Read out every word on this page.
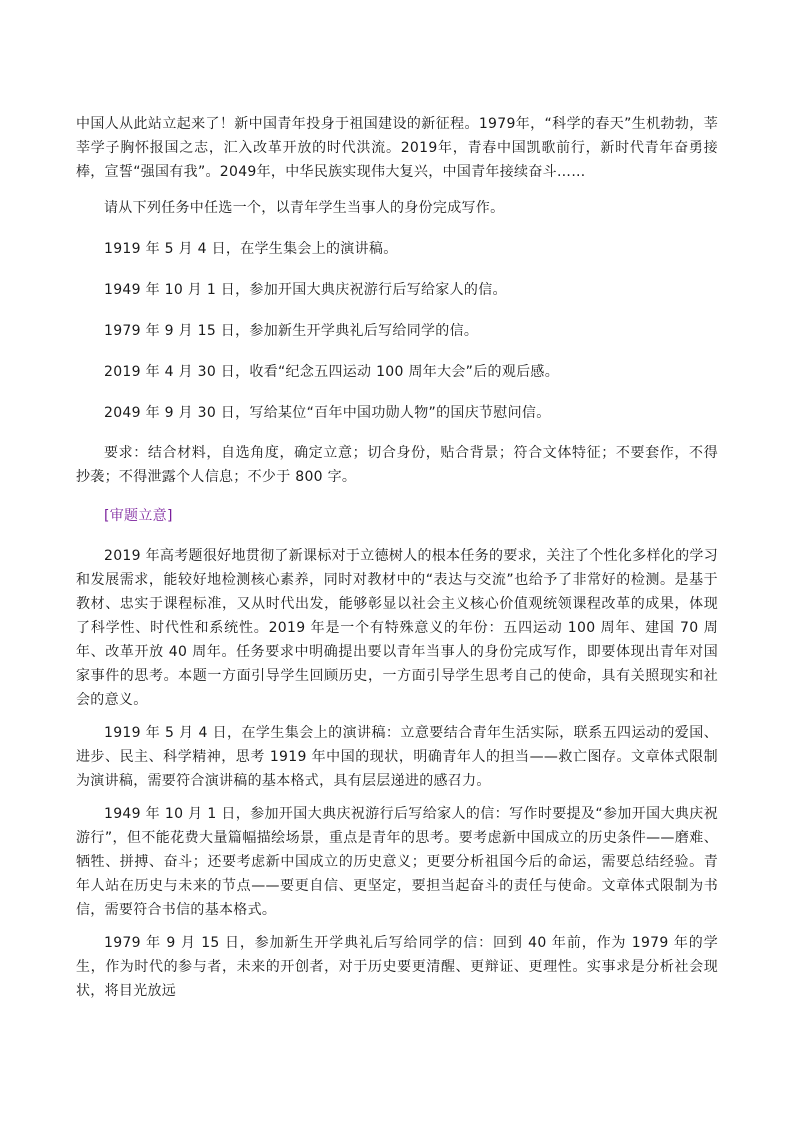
中国人从此站立起来了！新中国青年投身于祖国建设的新征程。1979年，“科学的春天”生机勃勃，莘莘学子胸怀报国之志，汇入改革开放的时代洪流。2019年，青春中国凯歌前行，新时代青年奋勇接棒，宣誓“强国有我”。2049年，中华民族实现伟大复兴，中国青年接续奋斗……

请从下列任务中任选一个，以青年学生当事人的身份完成写作。

1919 年 5 月 4 日，在学生集会上的演讲稿。

1949 年 10 月 1 日，参加开国大典庆祝游行后写给家人的信。

1979 年 9 月 15 日，参加新生开学典礼后写给同学的信。

2019 年 4 月 30 日，收看“纪念五四运动 100 周年大会”后的观后感。

2049 年 9 月 30 日，写给某位“百年中国功勋人物”的国庆节慰问信。

要求：结合材料，自选角度，确定立意；切合身份，贴合背景；符合文体特征；不要套作，不得抄袭；不得泄露个人信息；不少于 800 字。

[审题立意]

2019 年高考题很好地贯彻了新课标对于立德树人的根本任务的要求，关注了个性化多样化的学习和发展需求，能较好地检测核心素养，同时对教材中的“表达与交流”也给予了非常好的检测。是基于教材、忠实于课程标准，又从时代出发，能够彰显以社会主义核心价值观统领课程改革的成果，体现了科学性、时代性和系统性。2019 年是一个有特殊意义的年份：五四运动 100 周年、建国 70 周年、改革开放 40 周年。任务要求中明确提出要以青年当事人的身份完成写作，即要体现出青年对国家事件的思考。本题一方面引导学生回顾历史，一方面引导学生思考自己的使命，具有关照现实和社会的意义。

1919 年 5 月 4 日，在学生集会上的演讲稿：立意要结合青年生活实际，联系五四运动的爱国、进步、民主、科学精神，思考 1919 年中国的现状，明确青年人的担当——救亡图存。文章体式限制为演讲稿，需要符合演讲稿的基本格式，具有层层递进的感召力。

1949 年 10 月 1 日，参加开国大典庆祝游行后写给家人的信：写作时要提及“参加开国大典庆祝游行”，但不能花费大量篇幅描绘场景，重点是青年的思考。要考虑新中国成立的历史条件——磨难、牺牲、拼搏、奋斗；还要考虑新中国成立的历史意义；更要分析祖国今后的命运，需要总结经验。青年人站在历史与未来的节点——要更自信、更坚定，要担当起奋斗的责任与使命。文章体式限制为书信，需要符合书信的基本格式。

1979 年 9 月 15 日，参加新生开学典礼后写给同学的信：回到 40 年前，作为 1979 年的学生，作为时代的参与者，未来的开创者，对于历史要更清醒、更辩证、更理性。实事求是分析社会现状，将目光放远
